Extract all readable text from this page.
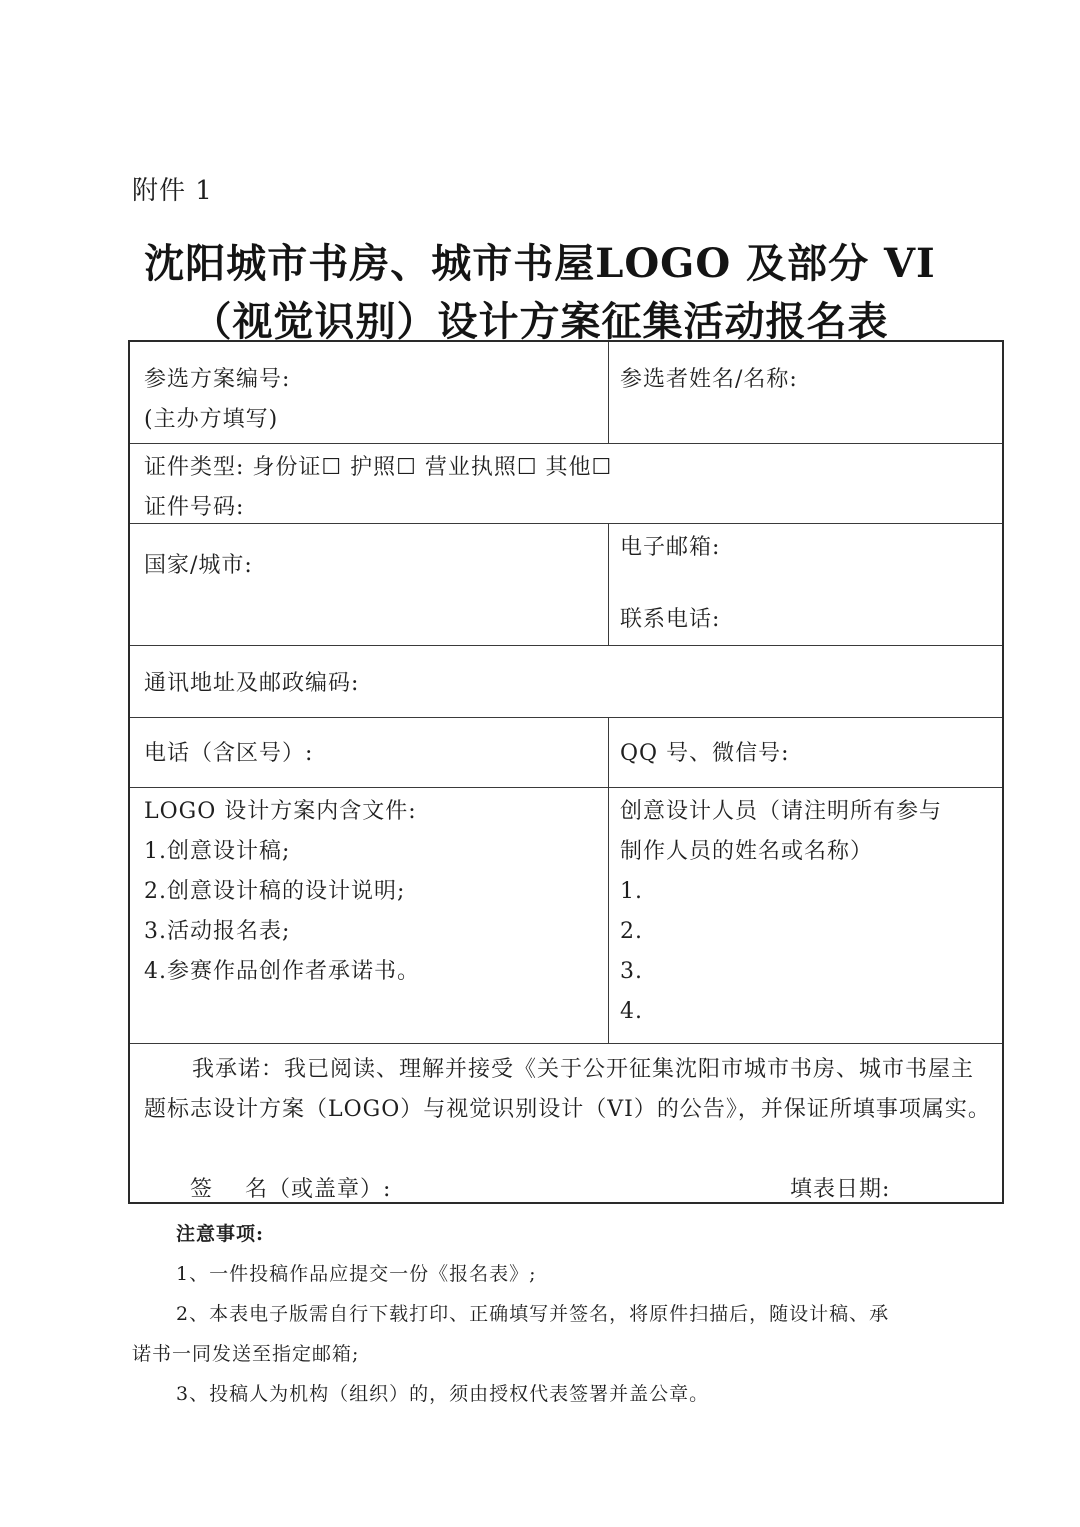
附件 1
沈阳城市书房、城市书屋LOGO 及部分 VI
（视觉识别）设计方案征集活动报名表
参选方案编号:
(主办方填写)
参选者姓名/名称:
证件类型: 身份证☐ 护照☐ 营业执照☐ 其他☐
证件号码:
国家/城市:
电子邮箱:
联系电话:
通讯地址及邮政编码:
电话（含区号）:	QQ 号、微信号:
LOGO 设计方案内含文件:
1.创意设计稿;
2.创意设计稿的设计说明;
3.活动报名表;
4.参赛作品创作者承诺书。
创意设计人员（请注明所有参与
制作人员的姓名或名称）
1.
2.
3.
4.
我承诺：我已阅读、理解并接受《关于公开征集沈阳市城市书房、城市书屋主题标志设计方案（LOGO）与视觉识别设计（VI）的公告》，并保证所填事项属实。
签    名（或盖章）:	填表日期:
注意事项:
1、一件投稿作品应提交一份《报名表》;
2、本表电子版需自行下载打印、正确填写并签名，将原件扫描后，随设计稿、承
诺书一同发送至指定邮箱;
3、投稿人为机构（组织）的，须由授权代表签署并盖公章。
